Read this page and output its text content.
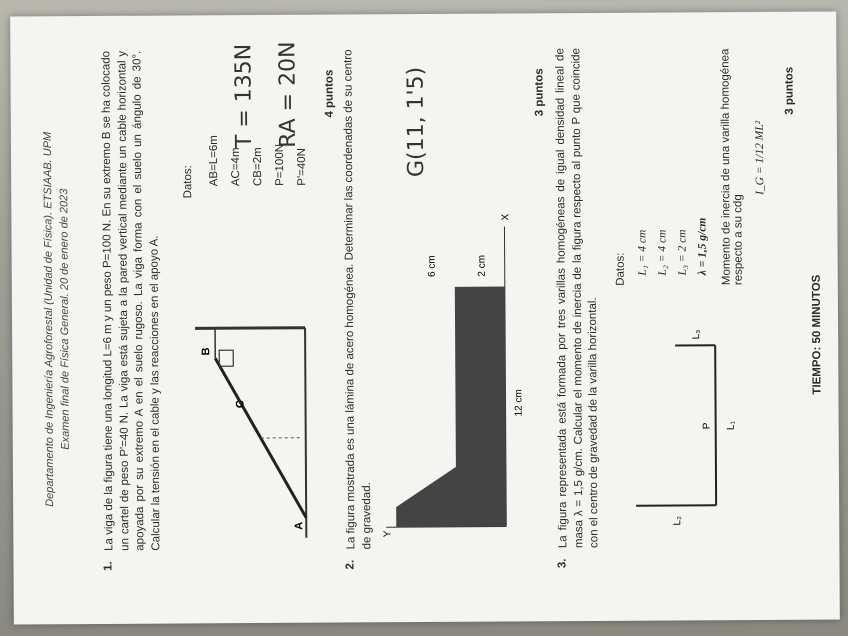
Departamento de Ingeniería Agroforestal (Unidad de Física). ETSIAAB. UPM Examen final de Física General. 20 de enero de 2023
1.
La viga de la figura tiene una longitud L=6 m y un peso P=100 N. En su extremo B se ha colocado un cartel de peso P'=40 N. La viga está sujeta a la pared vertical mediante un cable horizontal y apoyada por su extremo A en el suelo rugoso. La viga forma con el suelo un ángulo de 30°. Calcular la tensión en el cable y las reacciones en el apoyo A.	A
B
C
Datos: AB=L=6m AC=4m CB=2m P=100N P'=40N
T = 135N RA = 20N 4 puntos
2.
La figura mostrada es una lámina de acero homogénea. Determinar las coordenadas de su centro de gravedad. Y
X
12 cm
2 cm
6 cm
G(11, 1'5)	3 puntos
3.
La figura representada está formada por tres varillas homogéneas de igual densidad lineal de masa λ = 1,5 g/cm. Calcular el momento de inercia de la figura respecto al punto P que coincide con el centro de gravedad de la varilla horizontal.	L₂
L₁
L₃
P
Datos: L₁ = 4 cm L₂ = 4 cm L₃ = 2 cm λ = 1,5 g/cm Momento de inercia de una varilla homogénea respecto a su cdg
I_G = 1/12 ML²
3 puntos
TIEMPO: 50 MINUTOS
